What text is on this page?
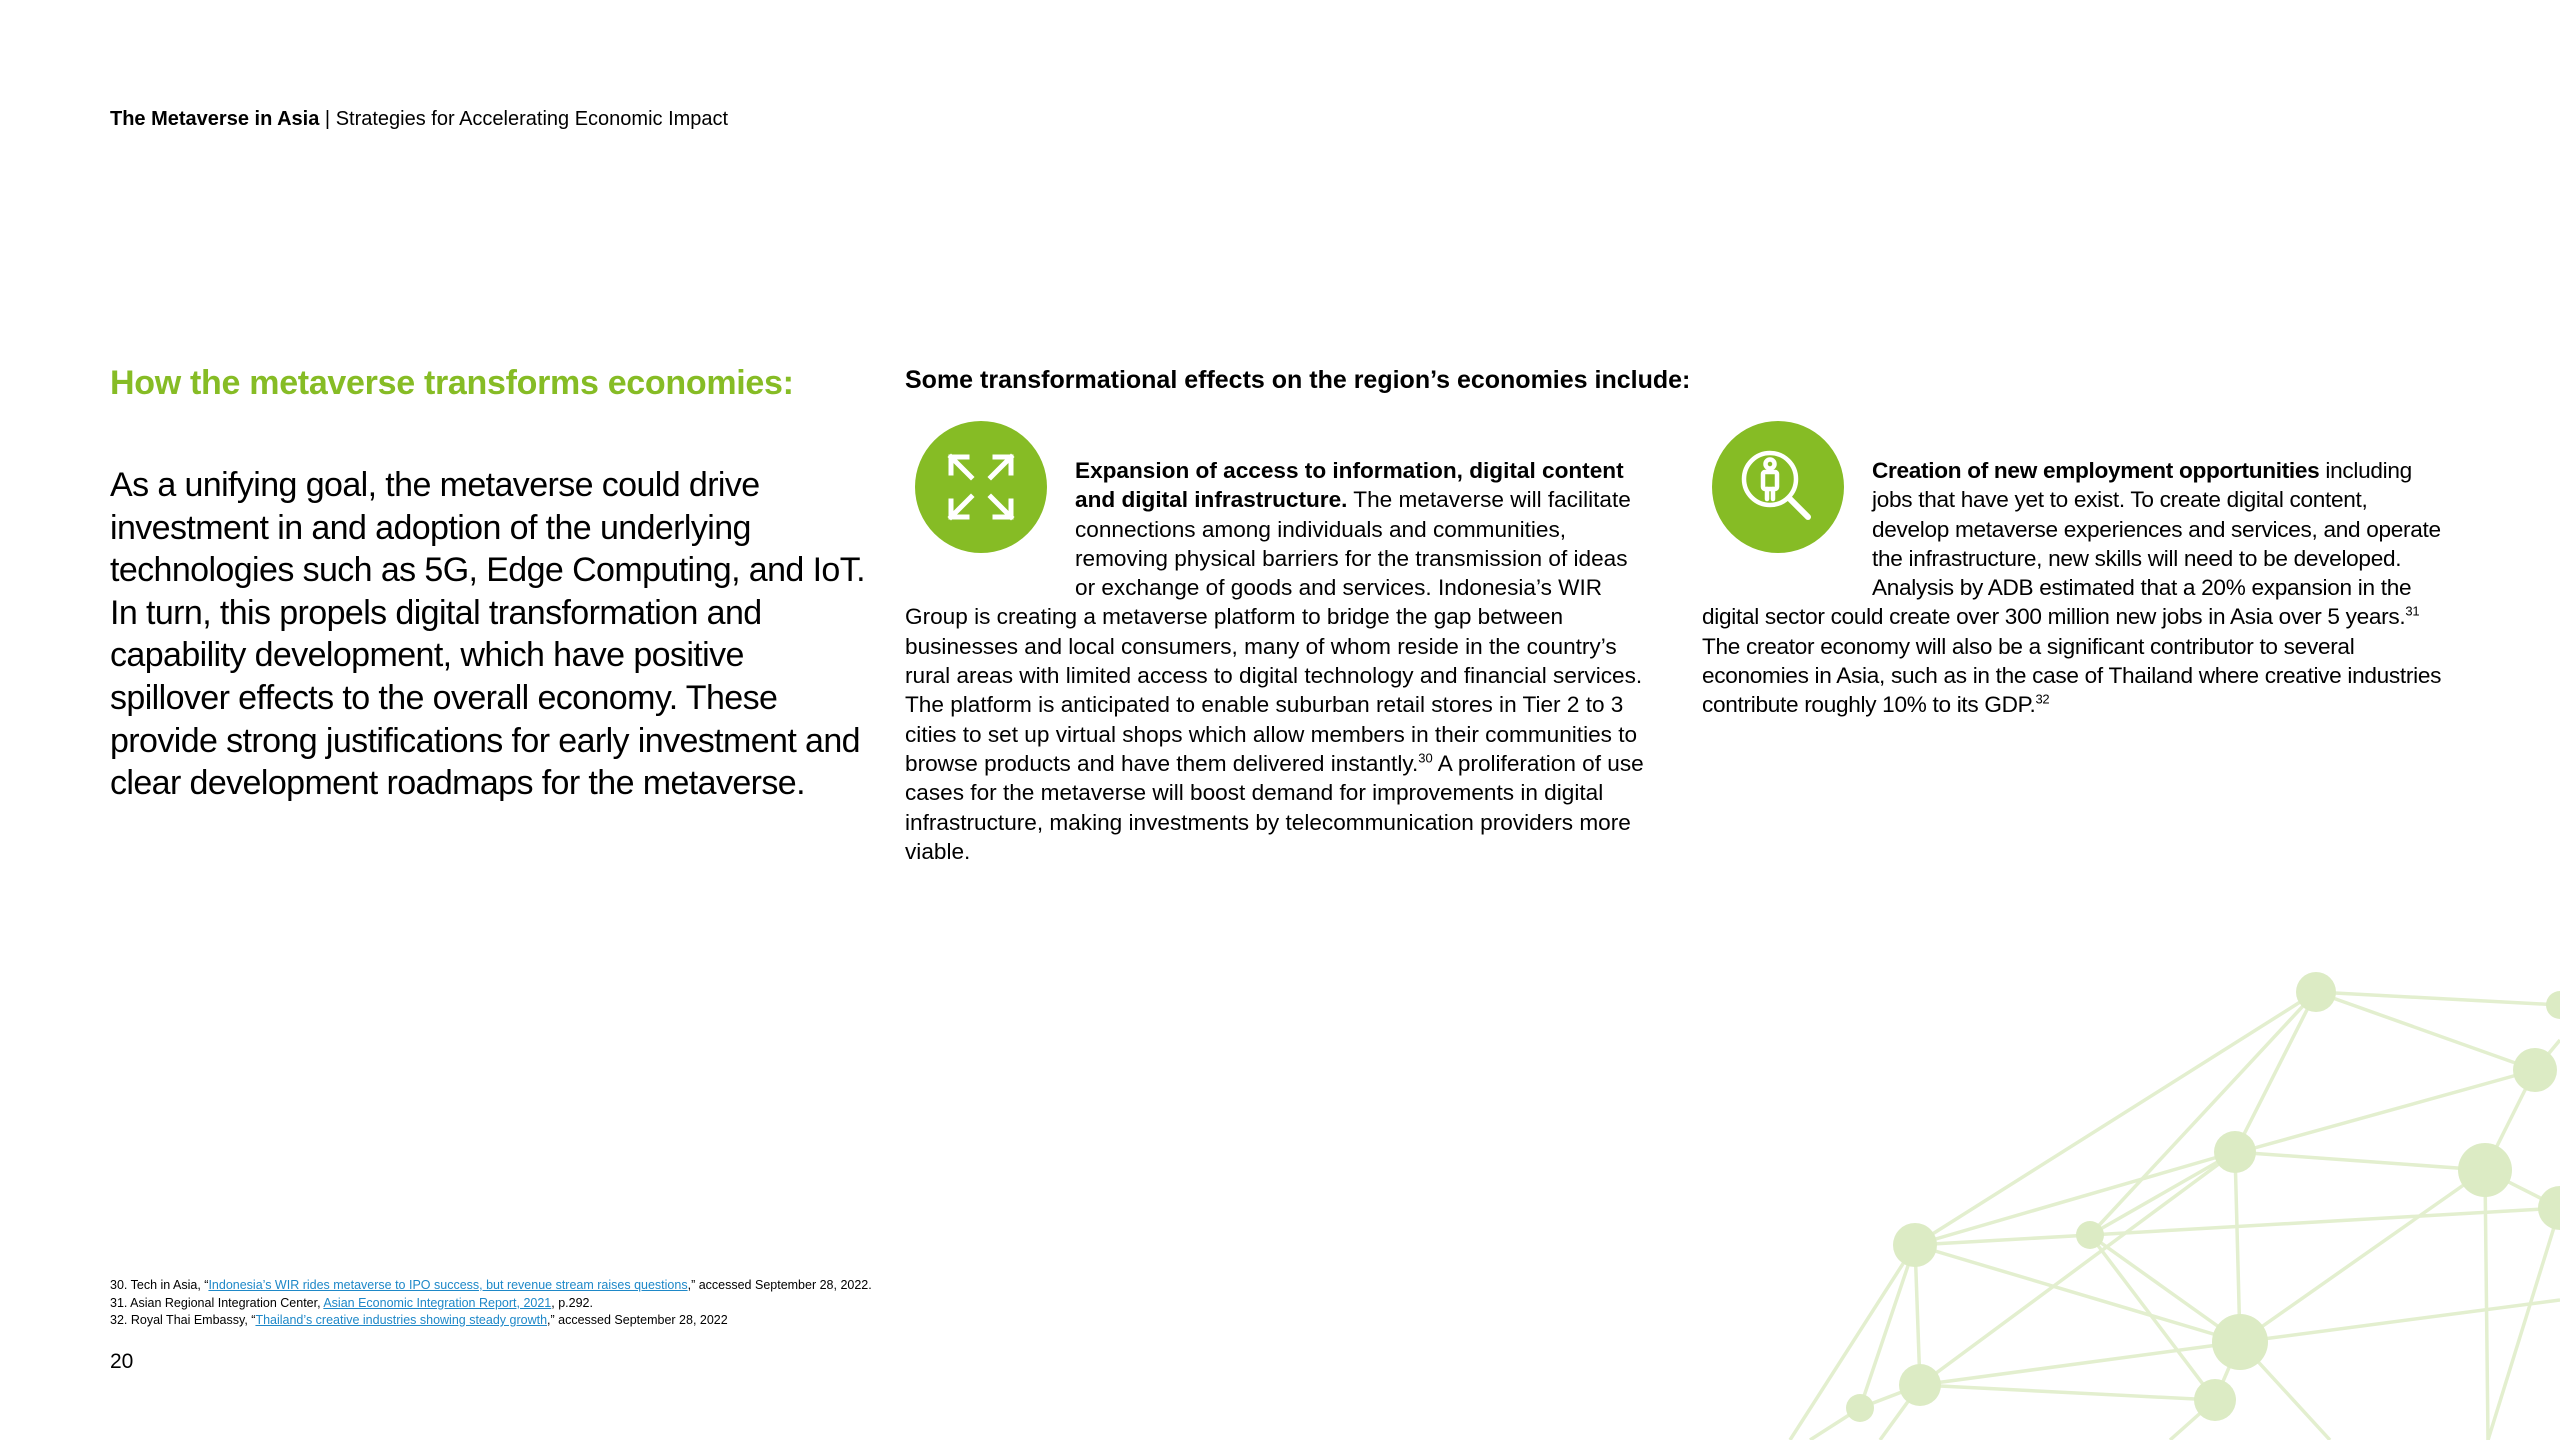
The Metaverse in Asia | Strategies for Accelerating Economic Impact
How the metaverse transforms economies:
As a unifying goal, the metaverse could drive investment in and adoption of the underlying technologies such as 5G, Edge Computing, and IoT. In turn, this propels digital transformation and capability development, which have positive spillover effects to the overall economy. These provide strong justifications for early investment and clear development roadmaps for the metaverse.
Some transformational effects on the region’s economies include:

Expansion of access to information, digital content and digital infrastructure. The metaverse will facilitate connections among individuals and communities, removing physical barriers for the transmission of ideas or exchange of goods and services. Indonesia’s WIR Group is creating a metaverse platform to bridge the gap between businesses and local consumers, many of whom reside in the country’s rural areas with limited access to digital technology and financial services. The platform is anticipated to enable suburban retail stores in Tier 2 to 3 cities to set up virtual shops which allow members in their communities to browse products and have them delivered instantly.$^{30}$ A proliferation of use cases for the metaverse will boost demand for improvements in digital infrastructure, making investments by telecommunication providers more viable.

Creation of new employment opportunities including jobs that have yet to exist. To create digital content, develop metaverse experiences and services, and operate the infrastructure, new skills will need to be developed. Analysis by ADB estimated that a 20% expansion in the digital sector could create over 300 million new jobs in Asia over 5 years.$^{31}$ The creator economy will also be a significant contributor to several economies in Asia, such as in the case of Thailand where creative industries contribute roughly 10% to its GDP.$^{32}$

30. Tech in Asia, “Indonesia’s WIR rides metaverse to IPO success, but revenue stream raises questions,” accessed September 28, 2022.
31. Asian Regional Integration Center, Asian Economic Integration Report, 2021, p.292.
32. Royal Thai Embassy, “Thailand’s creative industries showing steady growth,” accessed September 28, 2022
20
